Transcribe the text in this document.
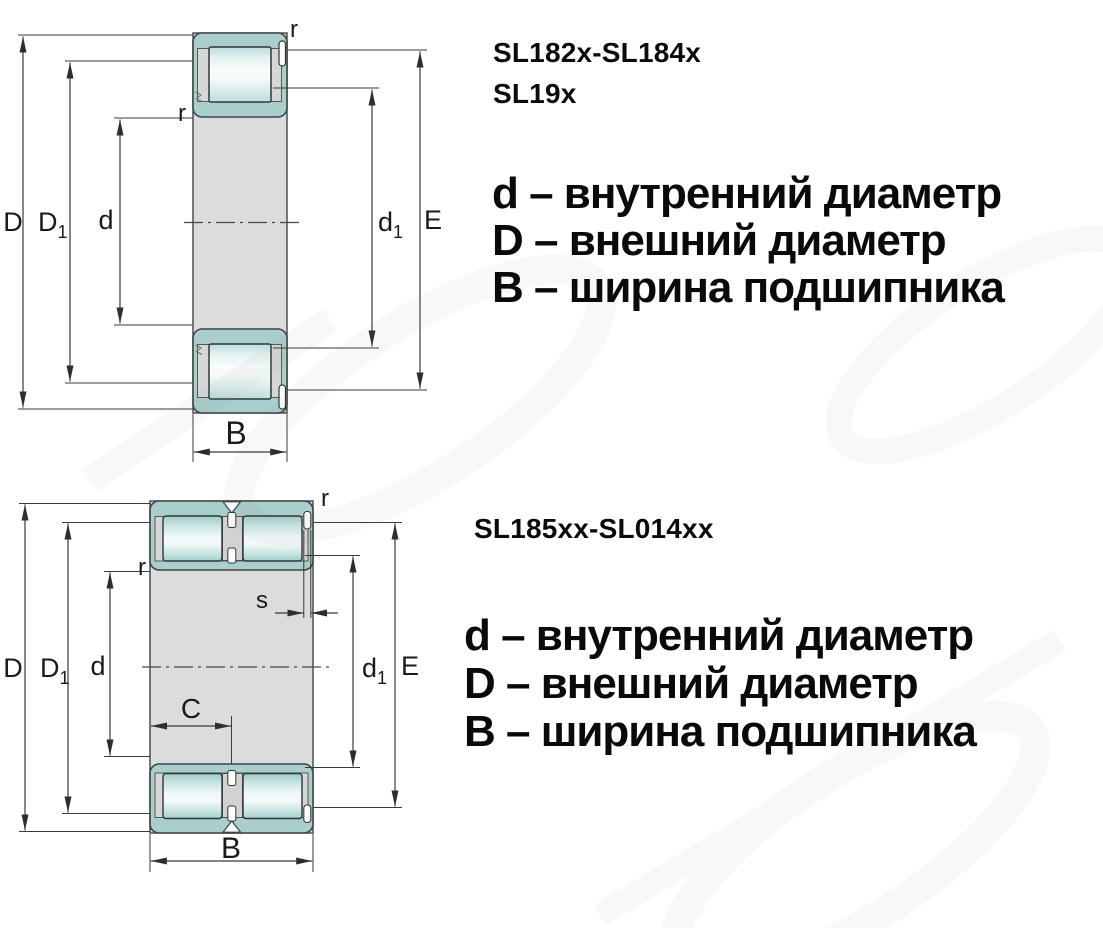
D $D_1$ d	$d_1$ E
B
r
r
D $D_1$ d	$d_1$ E
B
C
s
r
r
SL182x-SL184x
SL19x
d – внутренний диаметр
D – внешний диаметр
B – ширина подшипника
SL185xx-SL014xx
d – внутренний диаметр
D – внешний диаметр
B – ширина подшипника
